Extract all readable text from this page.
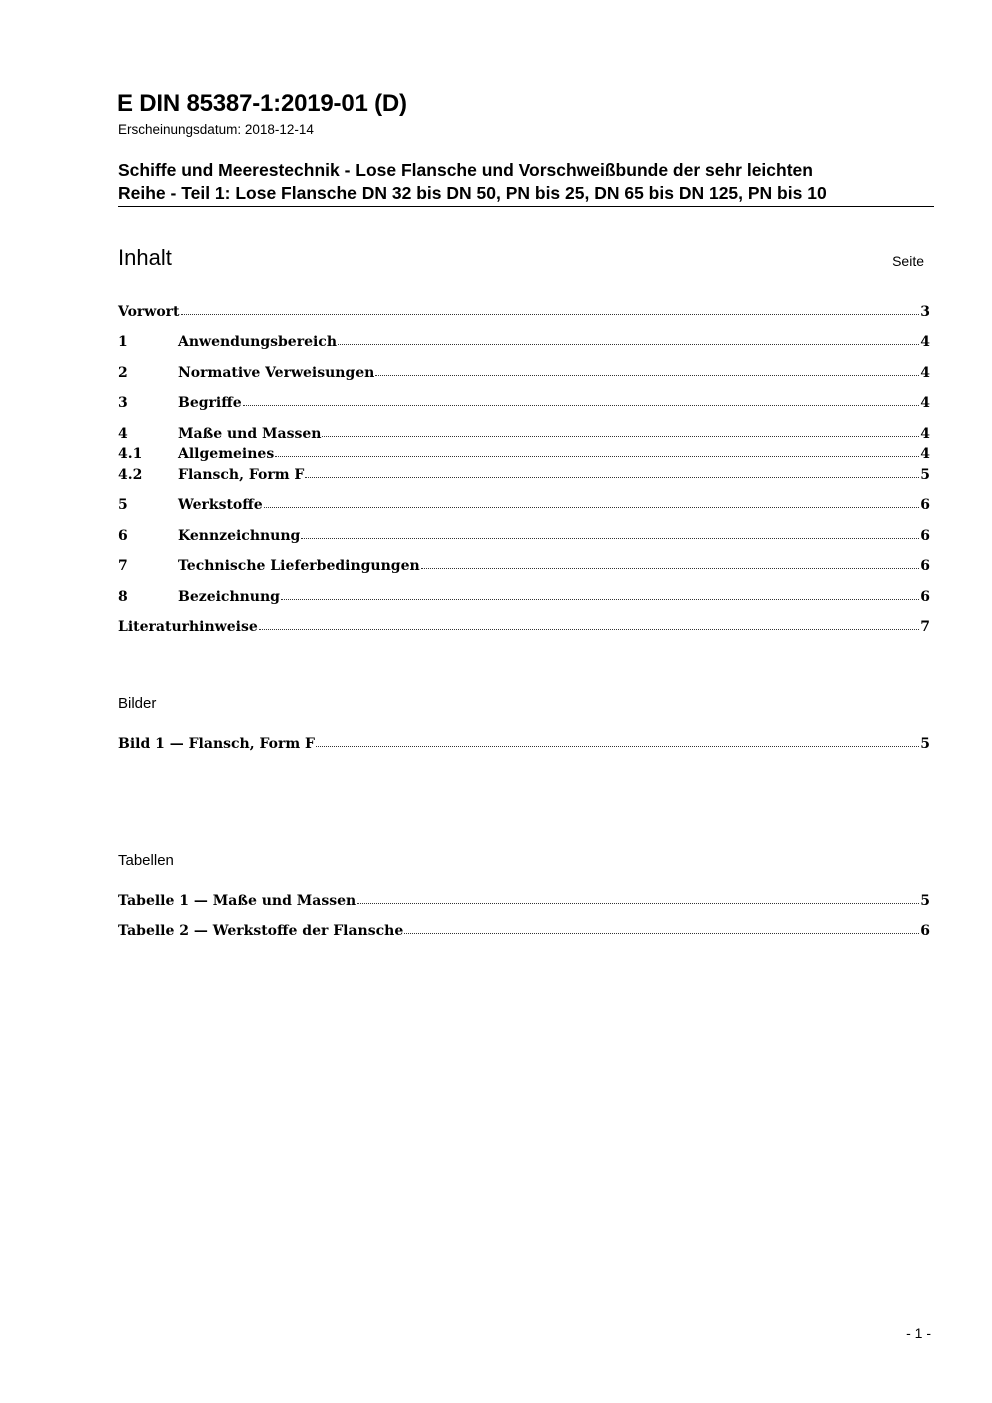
E DIN 85387-1:2019-01 (D)
Erscheinungsdatum: 2018-12-14
Schiffe und Meerestechnik - Lose Flansche und Vorschweißbunde der sehr leichten
Reihe - Teil 1: Lose Flansche DN 32 bis DN 50, PN bis 25, DN 65 bis DN 125, PN bis 10
Inhalt	Seite
Vorwort	3
1	Anwendungsbereich	4
2	Normative Verweisungen	4
3	Begriffe	4
4	Maße und Massen	4
4.1	Allgemeines	4
4.2	Flansch, Form F	5
5	Werkstoffe	6
6	Kennzeichnung	6
7	Technische Lieferbedingungen	6
8	Bezeichnung	6
Literaturhinweise	7
Bilder
Bild 1 — Flansch, Form F	5
Tabellen
Tabelle 1 — Maße und Massen	5
Tabelle 2 — Werkstoffe der Flansche	6
- 1 -
